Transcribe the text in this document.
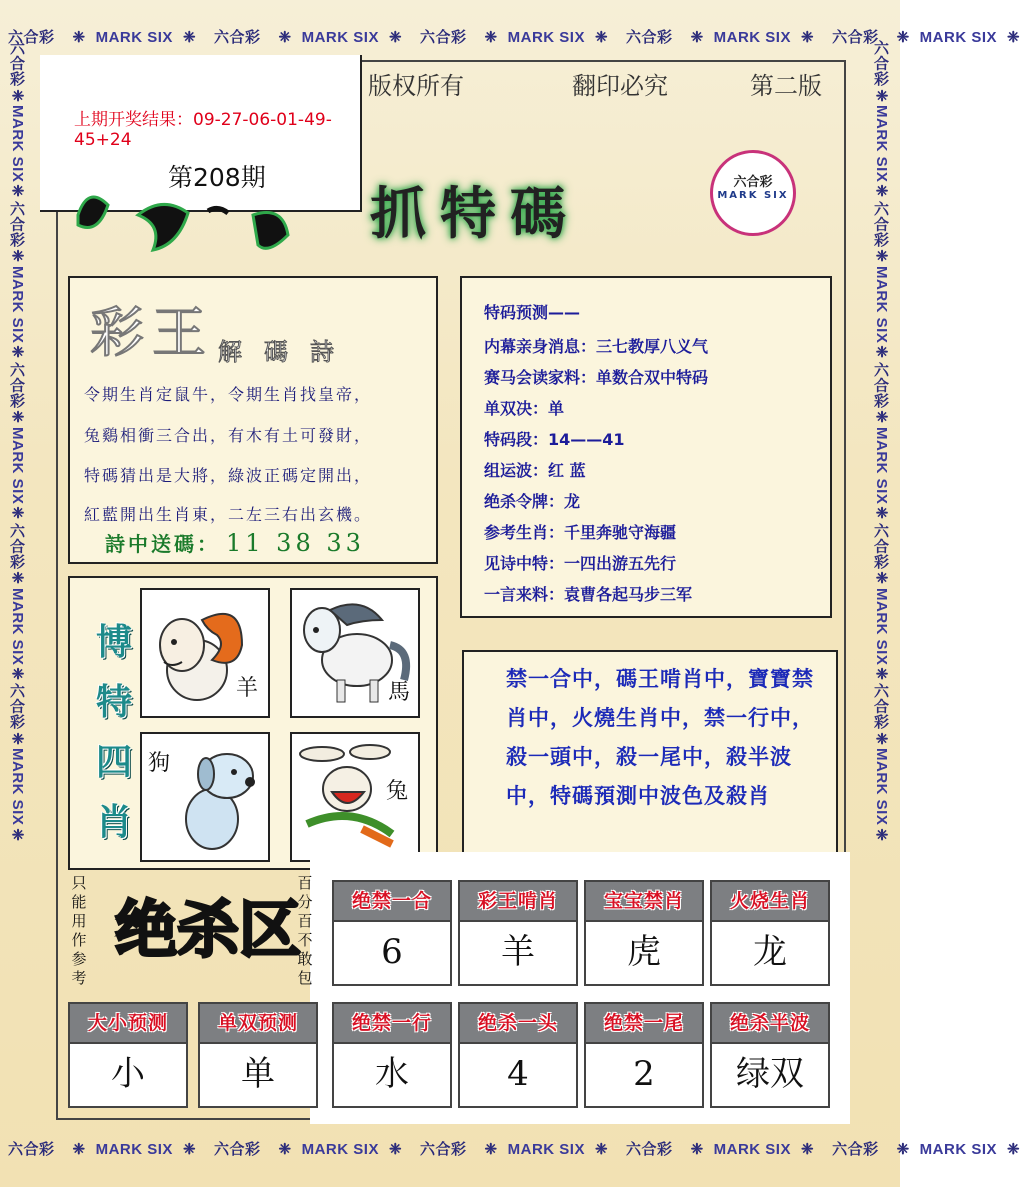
六合彩 ❈ MARK SIX ❈ 六合彩 ❈ MARK SIX ❈ 六合彩 ❈ MARK SIX ❈ 六合彩 ❈ MARK SIX ❈ 六合彩 ❈ MARK SIX ❈
六合彩 ❈ MARK SIX ❈ 六合彩 ❈ MARK SIX ❈ 六合彩 ❈ MARK SIX ❈ 六合彩 ❈ MARK SIX ❈ 六合彩 ❈ MARK SIX ❈
六合彩❈MARK SIX❈六合彩❈MARK SIX❈六合彩❈MARK SIX❈六合彩❈MARK SIX❈六合彩❈MARK SIX❈
六合彩❈MARK SIX❈六合彩❈MARK SIX❈六合彩❈MARK SIX❈六合彩❈MARK SIX❈六合彩❈MARK SIX❈
版权所有	翻印必究	第二版
上期开奖结果：09-27-06-01-49-45+24
第208期
抓特碼	六合彩
MARK SIX
彩王 解碼詩
令期生肖定鼠牛，令期生肖找皇帝，
兔鷄相衝三合出，有木有土可發財，
特碼猜出是大將，綠波正碼定開出，
紅藍開出生肖東，二左三右出玄機。
詩中送碼： 11 38 33
特码预测——
内幕亲身消息：三七教厚八义气
赛马会读家料：单数合双中特码
单双决：单
特码段：14——41
组运波：红 蓝
绝杀令牌：龙
参考生肖：千里奔驰守海疆
见诗中特：一四出游五先行
一言来料：袁曹各起马步三军
博
特
四
肖
羊	馬
狗
兔
禁一合中，碼王啃肖中，寶寶禁肖中，火燒生肖中，禁一行中，殺一頭中，殺一尾中，殺半波中，特碼預測中波色及殺肖
绝杀区
只能用作参考
百分百不敢包
绝禁一合
6
彩王啃肖
羊
宝宝禁肖
虎
火烧生肖
龙
大小预测
小
单双预测
单
绝禁一行
水
绝杀一头
4
绝禁一尾
2
绝杀半波
绿双
